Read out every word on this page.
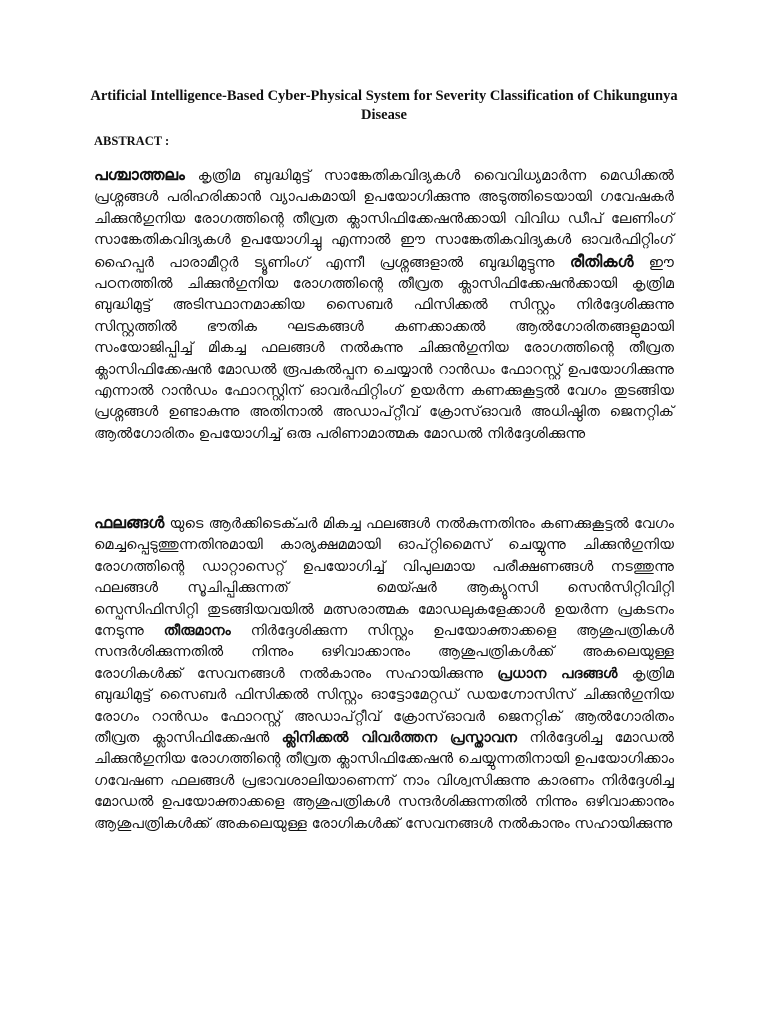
Artificial Intelligence-Based Cyber-Physical System for Severity Classification of Chikungunya Disease

ABSTRACT :

പശ്ചാത്തലം കൃത്രിമ ബുദ്ധിമുട്ട് സാങ്കേതികവിദ്യകൾ വൈവിധ്യമാർന്ന മെഡിക്കൽ പ്രശ്നങ്ങൾ പരിഹരിക്കാൻ വ്യാപകമായി ഉപയോഗിക്കുന്നു അടുത്തിടെയായി ഗവേഷകർ ചിക്കുൻഗുനിയ രോഗത്തിന്റെ തീവ്രത ക്ലാസിഫിക്കേഷൻക്കായി വിവിധ ഡീപ് ലേണിംഗ് സാങ്കേതികവിദ്യകൾ ഉപയോഗിച്ചു എന്നാൽ ഈ സാങ്കേതികവിദ്യകൾ ഓവർഫിറ്റിംഗ് ഹൈപ്പർ പാരാമീറ്റർ ട്യൂണിംഗ് എന്നീ പ്രശ്നങ്ങളാൽ ബുദ്ധിമുട്ടുന്നു രീതികൾ ഈ പഠനത്തിൽ ചിക്കുൻഗുനിയ രോഗത്തിന്റെ തീവ്രത ക്ലാസിഫിക്കേഷൻക്കായി കൃത്രിമ ബുദ്ധിമുട്ട് അടിസ്ഥാനമാക്കിയ സൈബർ ഫിസിക്കൽ സിസ്റ്റം നിർദ്ദേശിക്കുന്നു സിസ്റ്റത്തിൽ ഭൗതിക ഘടകങ്ങൾ കണക്കാക്കൽ ആൽഗോരിതങ്ങളുമായി സംയോജിപ്പിച്ച് മികച്ച ഫലങ്ങൾ നൽകുന്നു ചിക്കുൻഗുനിയ രോഗത്തിന്റെ തീവ്രത ക്ലാസിഫിക്കേഷൻ മോഡൽ രൂപകൽപ്പന ചെയ്യാൻ റാൻഡം ഫോറസ്റ്റ് ഉപയോഗിക്കുന്നു എന്നാൽ റാൻഡം ഫോറസ്റ്റിന് ഓവർഫിറ്റിംഗ് ഉയർന്ന കണക്കുകൂട്ടൽ വേഗം തുടങ്ങിയ പ്രശ്നങ്ങൾ ഉണ്ടാകുന്നു അതിനാൽ അഡാപ്റ്റീവ് ക്രോസ്ഓവർ അധിഷ്ഠിത ജെനറ്റിക് ആൽഗോരിതം ഉപയോഗിച്ച് ഒരു പരിണാമാത്മക മോഡൽ നിർദ്ദേശിക്കുന്നു

ഫലങ്ങൾ യുടെ ആർക്കിടെക്ചർ മികച്ച ഫലങ്ങൾ നൽകുന്നതിനും കണക്കുകൂട്ടൽ വേഗം മെച്ചപ്പെടുത്തുന്നതിനുമായി കാര്യക്ഷമമായി ഓപ്റ്റിമൈസ് ചെയ്യുന്നു ചിക്കുൻഗുനിയ രോഗത്തിന്റെ ഡാറ്റാസെറ്റ് ഉപയോഗിച്ച് വിപുലമായ പരീക്ഷണങ്ങൾ നടത്തുന്നു ഫലങ്ങൾ സൂചിപ്പിക്കുന്നത്	മെയ്ഷർ ആക്യുറസി സെൻസിറ്റിവിറ്റി സ്പെസിഫിസിറ്റി തുടങ്ങിയവയിൽ മത്സരാത്മക മോഡലുകളേക്കാൾ ഉയർന്ന പ്രകടനം നേടുന്നു തീരുമാനം നിർദ്ദേശിക്കുന്ന സിസ്റ്റം ഉപയോക്താക്കളെ ആശുപത്രികൾ സന്ദർശിക്കുന്നതിൽ നിന്നും ഒഴിവാക്കാനും ആശുപത്രികൾക്ക് അകലെയുള്ള രോഗികൾക്ക് സേവനങ്ങൾ നൽകാനും സഹായിക്കുന്നു പ്രധാന പദങ്ങൾ കൃത്രിമ ബുദ്ധിമുട്ട് സൈബർ ഫിസിക്കൽ സിസ്റ്റം ഓട്ടോമേറ്റഡ് ഡയഗ്നോസിസ് ചിക്കുൻഗുനിയ രോഗം റാൻഡം ഫോറസ്റ്റ് അഡാപ്റ്റീവ് ക്രോസ്ഓവർ ജെനറ്റിക് ആൽഗോരിതം തീവ്രത ക്ലാസിഫിക്കേഷൻ ക്ലിനിക്കൽ വിവർത്തന പ്രസ്താവന നിർദ്ദേശിച്ച മോഡൽ ചിക്കുൻഗുനിയ രോഗത്തിന്റെ തീവ്രത ക്ലാസിഫിക്കേഷൻ ചെയ്യുന്നതിനായി ഉപയോഗിക്കാം ഗവേഷണ ഫലങ്ങൾ പ്രഭാവശാലിയാണെന്ന് നാം വിശ്വസിക്കുന്നു കാരണം നിർദ്ദേശിച്ച മോഡൽ ഉപയോക്താക്കളെ ആശുപത്രികൾ സന്ദർശിക്കുന്നതിൽ നിന്നും ഒഴിവാക്കാനും ആശുപത്രികൾക്ക് അകലെയുള്ള രോഗികൾക്ക് സേവനങ്ങൾ നൽകാനും സഹായിക്കുന്നു
